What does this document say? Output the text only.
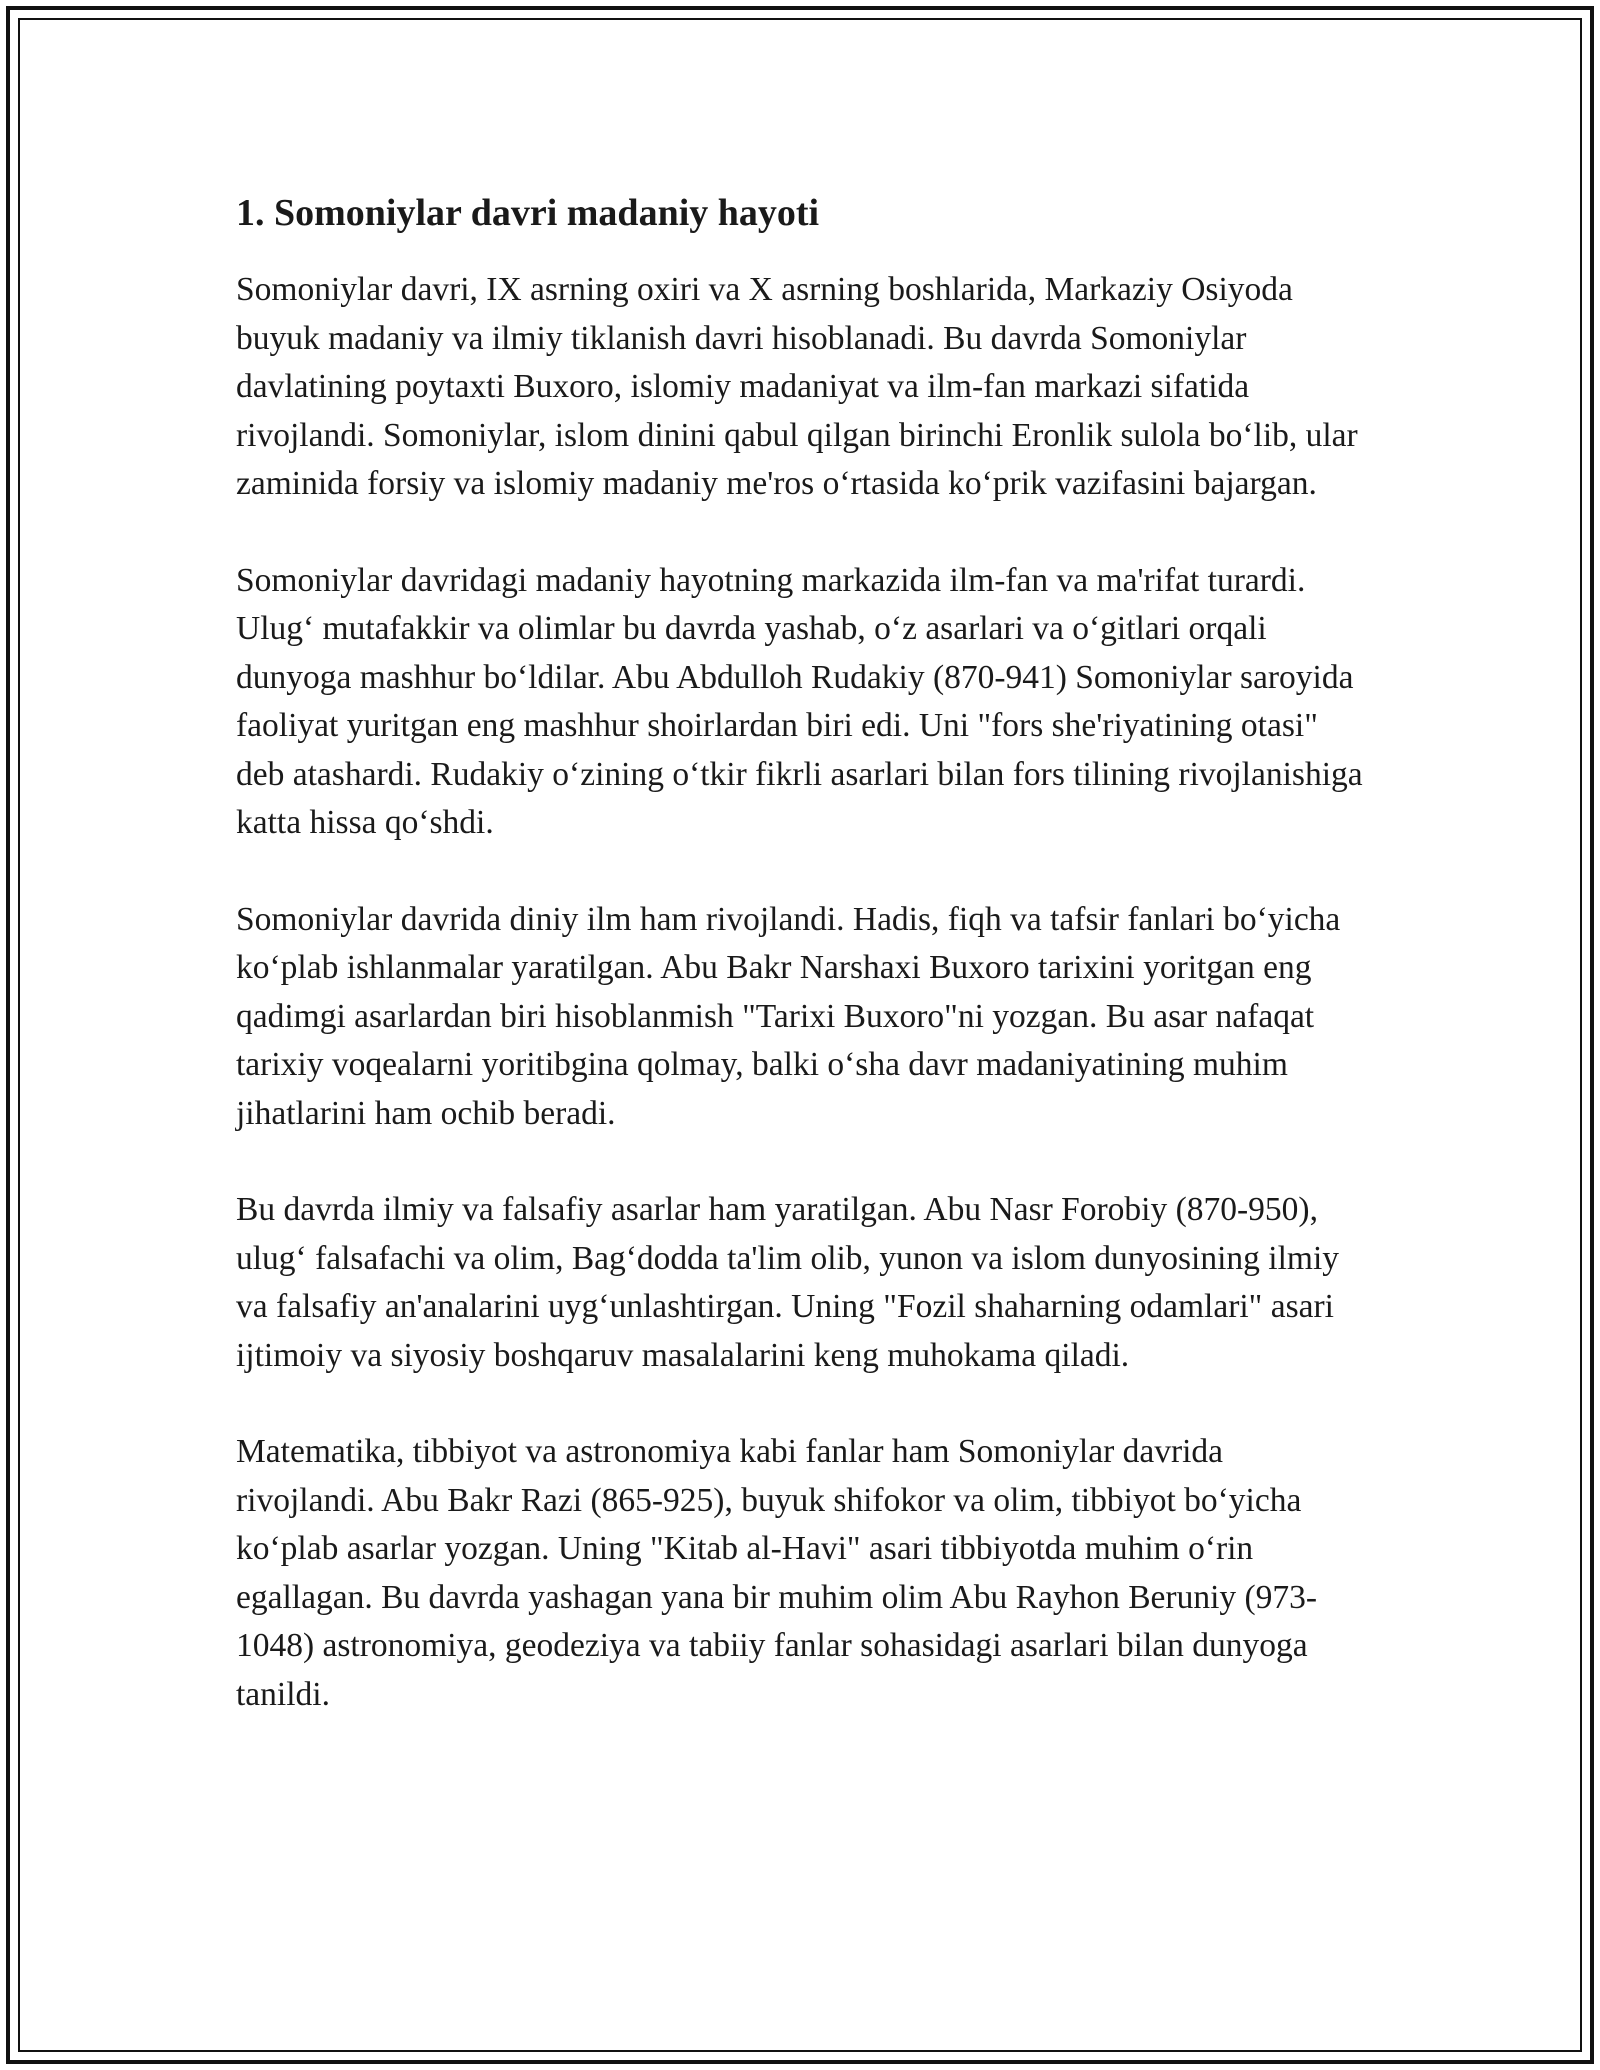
1. Somoniylar davri madaniy hayoti

Somoniylar davri, IX asrning oxiri va X asrning boshlarida, Markaziy Osiyoda buyuk madaniy va ilmiy tiklanish davri hisoblanadi. Bu davrda Somoniylar davlatining poytaxti Buxoro, islomiy madaniyat va ilm-fan markazi sifatida rivojlandi. Somoniylar, islom dinini qabul qilgan birinchi Eronlik sulola bo‘lib, ular zaminida forsiy va islomiy madaniy me'ros o‘rtasida ko‘prik vazifasini bajargan.

Somoniylar davridagi madaniy hayotning markazida ilm-fan va ma'rifat turardi. Ulug‘ mutafakkir va olimlar bu davrda yashab, o‘z asarlari va o‘gitlari orqali dunyoga mashhur bo‘ldilar. Abu Abdulloh Rudakiy (870-941) Somoniylar saroyida faoliyat yuritgan eng mashhur shoirlardan biri edi. Uni "fors she'riyatining otasi" deb atashardi. Rudakiy o‘zining o‘tkir fikrli asarlari bilan fors tilining rivojlanishiga katta hissa qo‘shdi.

Somoniylar davrida diniy ilm ham rivojlandi. Hadis, fiqh va tafsir fanlari bo‘yicha ko‘plab ishlanmalar yaratilgan. Abu Bakr Narshaxi Buxoro tarixini yoritgan eng qadimgi asarlardan biri hisoblanmish "Tarixi Buxoro"ni yozgan. Bu asar nafaqat tarixiy voqealarni yoritibgina qolmay, balki o‘sha davr madaniyatining muhim jihatlarini ham ochib beradi.

Bu davrda ilmiy va falsafiy asarlar ham yaratilgan. Abu Nasr Forobiy (870-950), ulug‘ falsafachi va olim, Bag‘dodda ta'lim olib, yunon va islom dunyosining ilmiy va falsafiy an'analarini uyg‘unlashtirgan. Uning "Fozil shaharning odamlari" asari ijtimoiy va siyosiy boshqaruv masalalarini keng muhokama qiladi.

Matematika, tibbiyot va astronomiya kabi fanlar ham Somoniylar davrida rivojlandi. Abu Bakr Razi (865-925), buyuk shifokor va olim, tibbiyot bo‘yicha ko‘plab asarlar yozgan. Uning "Kitab al-Havi" asari tibbiyotda muhim o‘rin egallagan. Bu davrda yashagan yana bir muhim olim Abu Rayhon Beruniy (973-1048) astronomiya, geodeziya va tabiiy fanlar sohasidagi asarlari bilan dunyoga tanildi.
